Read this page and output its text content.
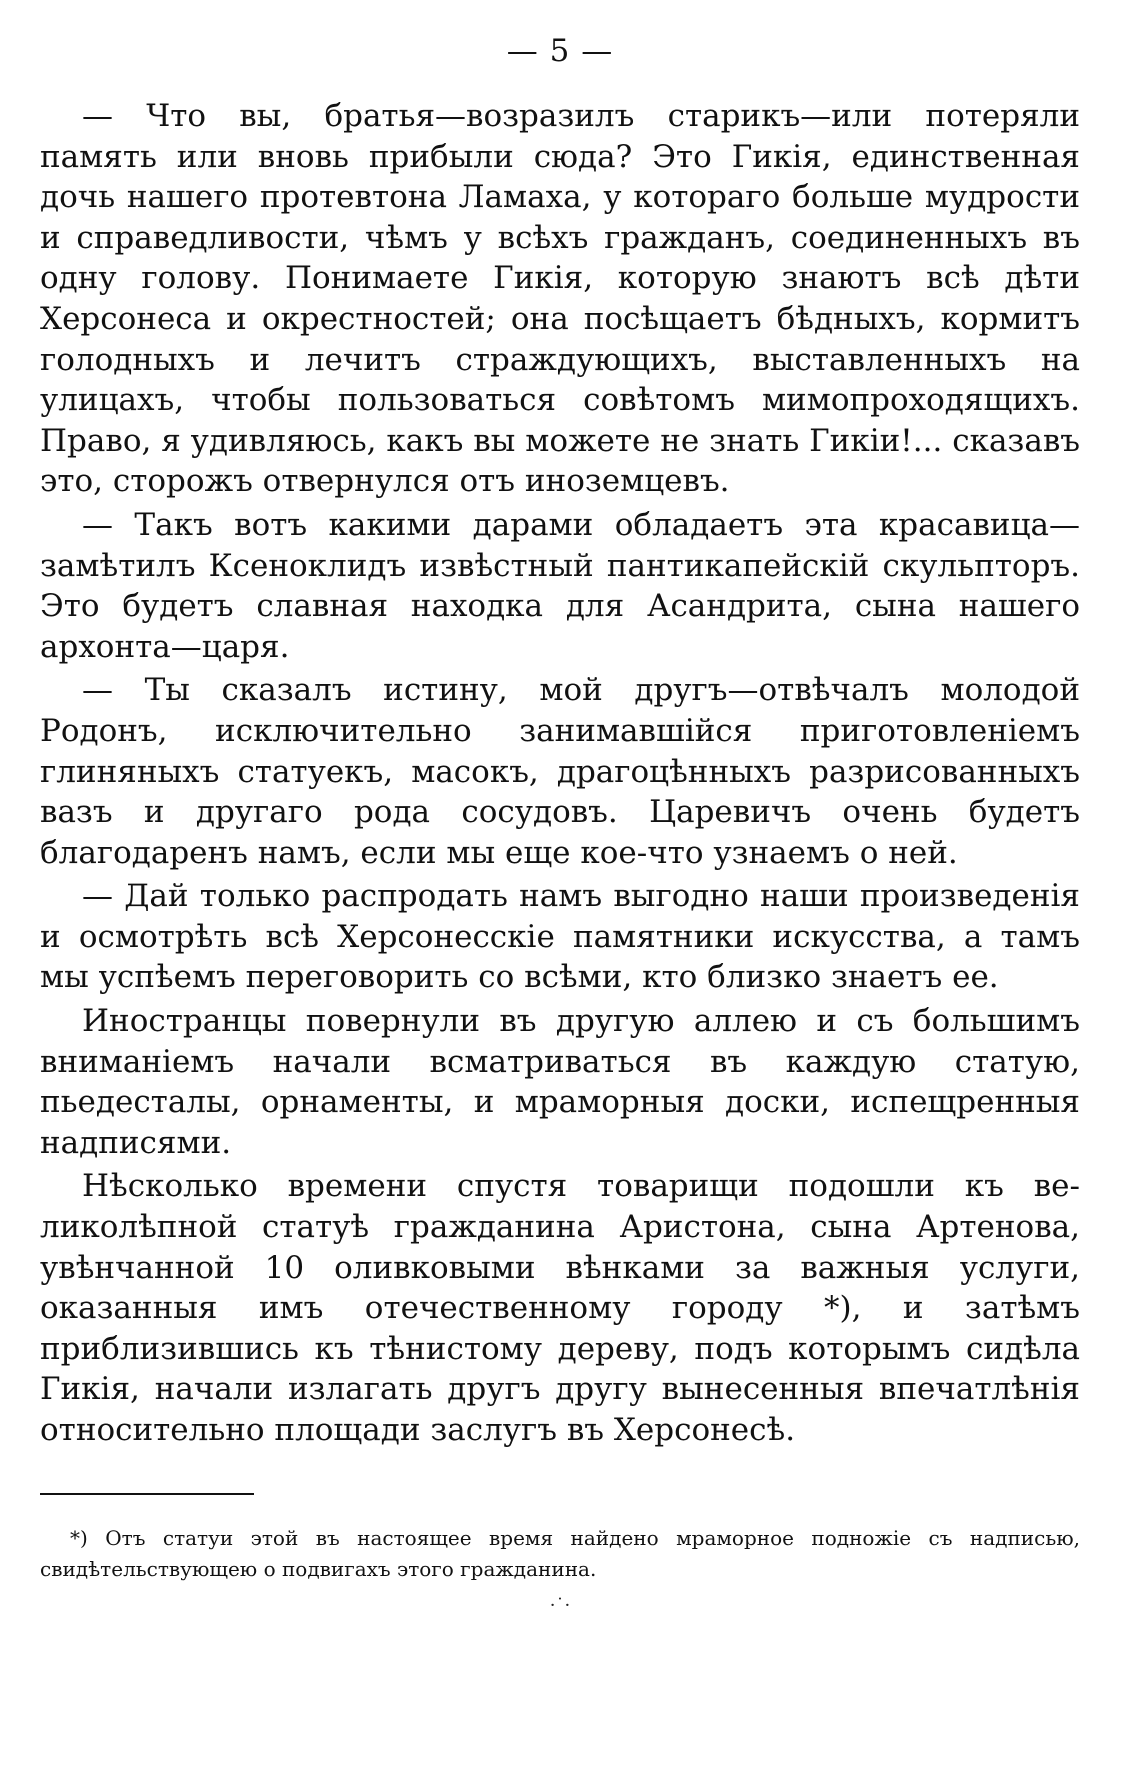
— 5 —

— Что вы, братья—возразилъ старикъ—или потеряли память или вновь прибыли сюда? Это Гикія, единственная дочь нашего протевтона Ламаха, у котораго больше мудрости и справедливости, чѣмъ у всѣхъ гражданъ, соединенныхъ въ одну голову. Понимаете Гикія, которую знаютъ всѣ дѣти Херсонеса и окрестностей; она посѣщаетъ бѣдныхъ, кормитъ голодныхъ и лечитъ страждующихъ, выставленныхъ на улицахъ, чтобы пользоваться совѣтомъ мимопроходящихъ. Право, я удивляюсь, какъ вы можете не знать Гикіи!... сказавъ это, сторожъ отвернулся отъ иноземцевъ.

— Такъ вотъ какими дарами обладаетъ эта красавица—замѣтилъ Ксеноклидъ извѣстный пантикапейскій скульпторъ. Это будетъ славная находка для Асандрита, сына нашего архонта—царя.

— Ты сказалъ истину, мой другъ—отвѣчалъ молодой Родонъ, исключительно занимавшійся приготовленіемъ глиняныхъ статуекъ, масокъ, драгоцѣнныхъ разрисованныхъ вазъ и другаго рода сосудовъ. Царевичъ очень будетъ благодаренъ намъ, если мы еще кое-что узнаемъ о ней.

— Дай только распродать намъ выгодно наши произведенія и осмотрѣть всѣ Херсонесскіе памятники искусства, а тамъ мы успѣемъ переговорить со всѣми, кто близко знаетъ ее.

Иностранцы повернули въ другую аллею и съ большимъ вниманіемъ начали всматриваться въ каждую статую, пьедесталы, орнаменты, и мраморныя доски, испещренныя надписями.

Нѣсколько времени спустя товарищи подошли къ великолѣпной статуѣ гражданина Аристона, сына Артенова, увѣнчанной 10 оливковыми вѣнками за важныя услуги, оказанныя имъ отечественному городу *), и затѣмъ приблизившись къ тѣнистому дереву, подъ которымъ сидѣла Гикія, начали излагать другъ другу вынесенныя впечатлѣнія относительно площади заслугъ въ Херсонесѣ.

*) Отъ статуи этой въ настоящее время найдено мраморное подножіе съ надписью, свидѣтельствующею о подвигахъ этого гражданина.
·˙·
